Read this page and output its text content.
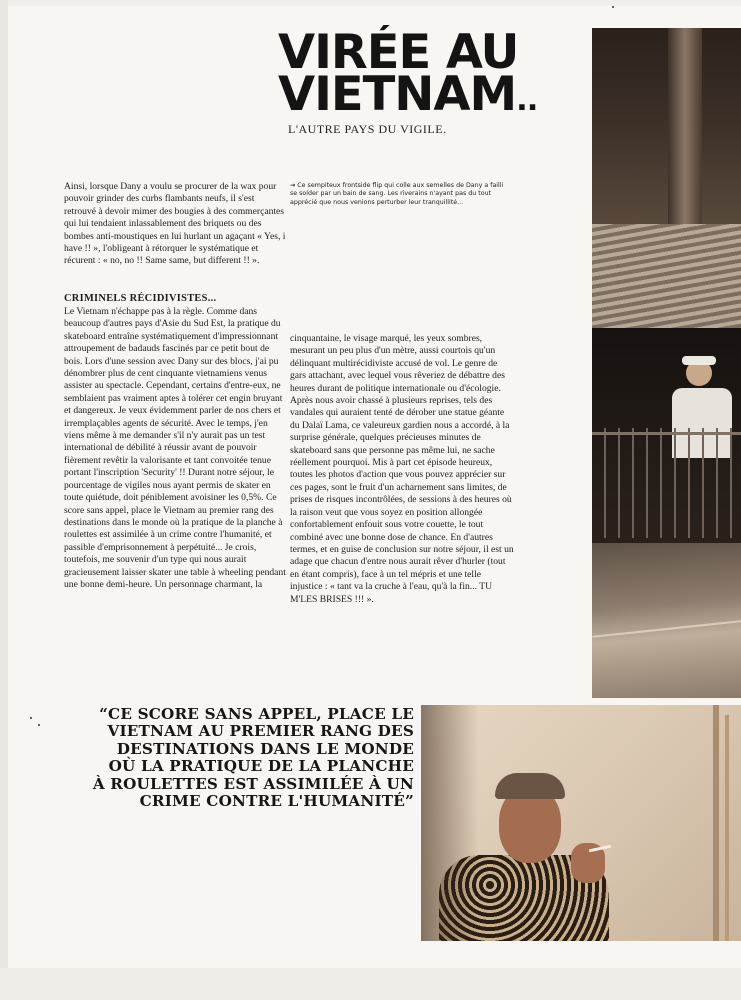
VIRÉE AU
VIETNAM..
L'AUTRE PAYS DU VIGILE.

Ainsi, lorsque Dany a voulu se procurer de la wax pour pouvoir grinder des curbs flambants neufs, il s'est retrouvé à devoir mimer des bougies à des commerçantes qui lui tendaient inlassablement des briquets ou des bombes anti-moustiques en lui hurlant un agaçant « Yes, i have !! », l'obligeant à rétorquer le systématique et récurent : « no, no !! Same same, but different !! ».

CRIMINELS RÉCIDIVISTES...

Le Vietnam n'échappe pas à la règle. Comme dans beaucoup d'autres pays d'Asie du Sud Est, la pratique du skateboard entraîne systématiquement d'impressionnant attroupement de badauds fascinés par ce petit bout de bois. Lors d'une session avec Dany sur des blocs, j'ai pu dénombrer plus de cent cinquante vietnamiens venus assister au spectacle. Cependant, certains d'entre-eux, ne semblaient pas vraiment aptes à tolérer cet engin bruyant et dangereux. Je veux évidemment parler de nos chers et irremplaçables agents de sécurité. Avec le temps, j'en viens même à me demander s'il n'y aurait pas un test international de débilité à réussir avant de pouvoir fièrement revêtir la valorisante et tant convoitée tenue portant l'inscription 'Security' !! Durant notre séjour, le pourcentage de vigiles nous ayant permis de skater en toute quiétude, doit péniblement avoisiner les 0,5%. Ce score sans appel, place le Vietnam au premier rang des destinations dans le monde où la pratique de la planche à roulettes est assimilée à un crime contre l'humanité, et passible d'emprisonnement à perpétuité... Je crois, toutefois, me souvenir d'un type qui nous aurait gracieusement laisser skater une table à wheeling pendant une bonne demi-heure. Un personnage charmant, la

cinquantaine, le visage marqué, les yeux sombres, mesurant un peu plus d'un mètre, aussi courtois qu'un délinquant multirécidiviste accusé de vol. Le genre de gars attachant, avec lequel vous rêveriez de débattre des heures durant de politique internationale ou d'écologie. Après nous avoir chassé à plusieurs reprises, tels des vandales qui auraient tenté de dérober une statue géante du Dalaï Lama, ce valeureux gardien nous a accordé, à la surprise générale, quelques précieuses minutes de skateboard sans que personne pas même lui, ne sache réellement pourquoi. Mis à part cet épisode heureux, toutes les photos d'action que vous pouvez apprécier sur ces pages, sont le fruit d'un acharnement sans limites, de prises de risques incontrôlées, de sessions à des heures où la raison veut que vous soyez en position allongée confortablement enfouit sous votre couette, le tout combiné avec une bonne dose de chance. En d'autres termes, et en guise de conclusion sur notre séjour, il est un adage que chacun d'entre nous aurait rêver d'hurler (tout en étant compris), face à un tel mépris et une telle injustice : « tant va la cruche à l'eau, qu'à la fin... TU M'LES BRISES !!! ».

→ Ce sempiteux frontside flip qui colle aux semelles de Dany a failli se solder par un bain de sang. Les riverains n'ayant pas du tout apprécié que nous venions perturber leur tranquillité...
“CE SCORE SANS APPEL, PLACE LE
VIETNAM AU PREMIER RANG DES
DESTINATIONS DANS LE MONDE
OÙ LA PRATIQUE DE LA PLANCHE
À ROULETTES EST ASSIMILÉE À UN
CRIME CONTRE L'HUMANITÉ”
